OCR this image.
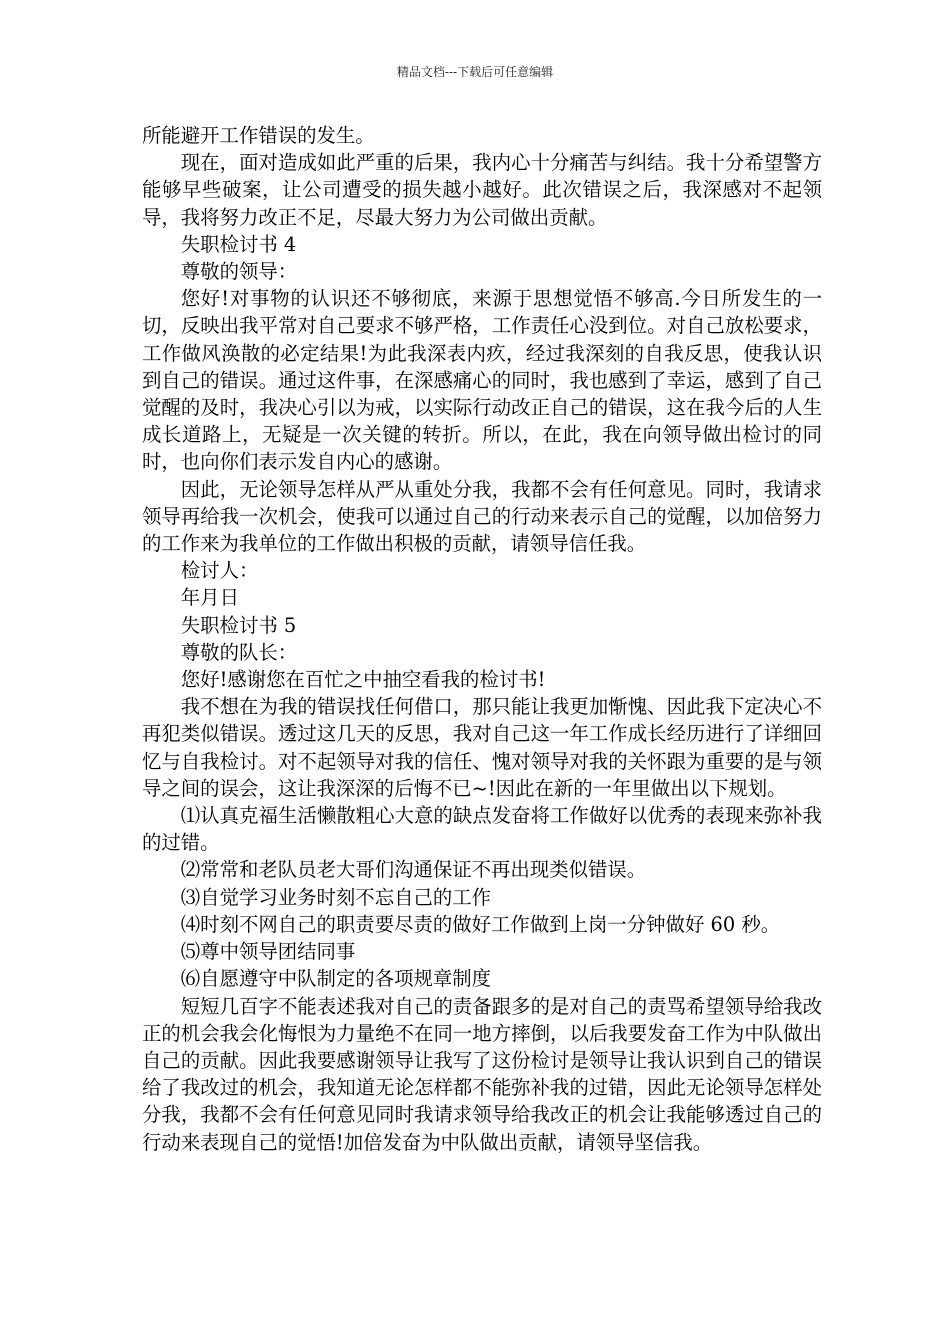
精品文档---下载后可任意编辑

所能避开工作错误的发生。

现在，面对造成如此严重的后果，我内心十分痛苦与纠结。我十分希望警方能够早些破案，让公司遭受的损失越小越好。此次错误之后，我深感对不起领导，我将努力改正不足，尽最大努力为公司做出贡献。

失职检讨书 4

尊敬的领导：

您好!对事物的认识还不够彻底，来源于思想觉悟不够高.今日所发生的一切，反映出我平常对自己要求不够严格，工作责任心没到位。对自己放松要求，工作做风涣散的必定结果!为此我深表内疚，经过我深刻的自我反思，使我认识到自己的错误。通过这件事，在深感痛心的同时，我也感到了幸运，感到了自己觉醒的及时，我决心引以为戒，以实际行动改正自己的错误，这在我今后的人生成长道路上，无疑是一次关键的转折。所以，在此，我在向领导做出检讨的同时，也向你们表示发自内心的感谢。

因此，无论领导怎样从严从重处分我，我都不会有任何意见。同时，我请求领导再给我一次机会，使我可以通过自己的行动来表示自己的觉醒，以加倍努力的工作来为我单位的工作做出积极的贡献，请领导信任我。

检讨人：

年月日

失职检讨书 5

尊敬的队长：

您好!感谢您在百忙之中抽空看我的检讨书!

我不想在为我的错误找任何借口，那只能让我更加惭愧、因此我下定决心不再犯类似错误。透过这几天的反思，我对自己这一年工作成长经历进行了详细回忆与自我检讨。对不起领导对我的信任、愧对领导对我的关怀跟为重要的是与领导之间的误会，这让我深深的后悔不已~!因此在新的一年里做出以下规划。

⑴认真克福生活懒散粗心大意的缺点发奋将工作做好以优秀的表现来弥补我的过错。

⑵常常和老队员老大哥们沟通保证不再出现类似错误。

⑶自觉学习业务时刻不忘自己的工作

⑷时刻不网自己的职责要尽责的做好工作做到上岗一分钟做好 60 秒。

⑸尊中领导团结同事

⑹自愿遵守中队制定的各项规章制度

短短几百字不能表述我对自己的责备跟多的是对自己的责骂希望领导给我改正的机会我会化悔恨为力量绝不在同一地方摔倒，以后我要发奋工作为中队做出自己的贡献。因此我要感谢领导让我写了这份检讨是领导让我认识到自己的错误给了我改过的机会，我知道无论怎样都不能弥补我的过错，因此无论领导怎样处分我，我都不会有任何意见同时我请求领导给我改正的机会让我能够透过自己的行动来表现自己的觉悟!加倍发奋为中队做出贡献，请领导坚信我。
